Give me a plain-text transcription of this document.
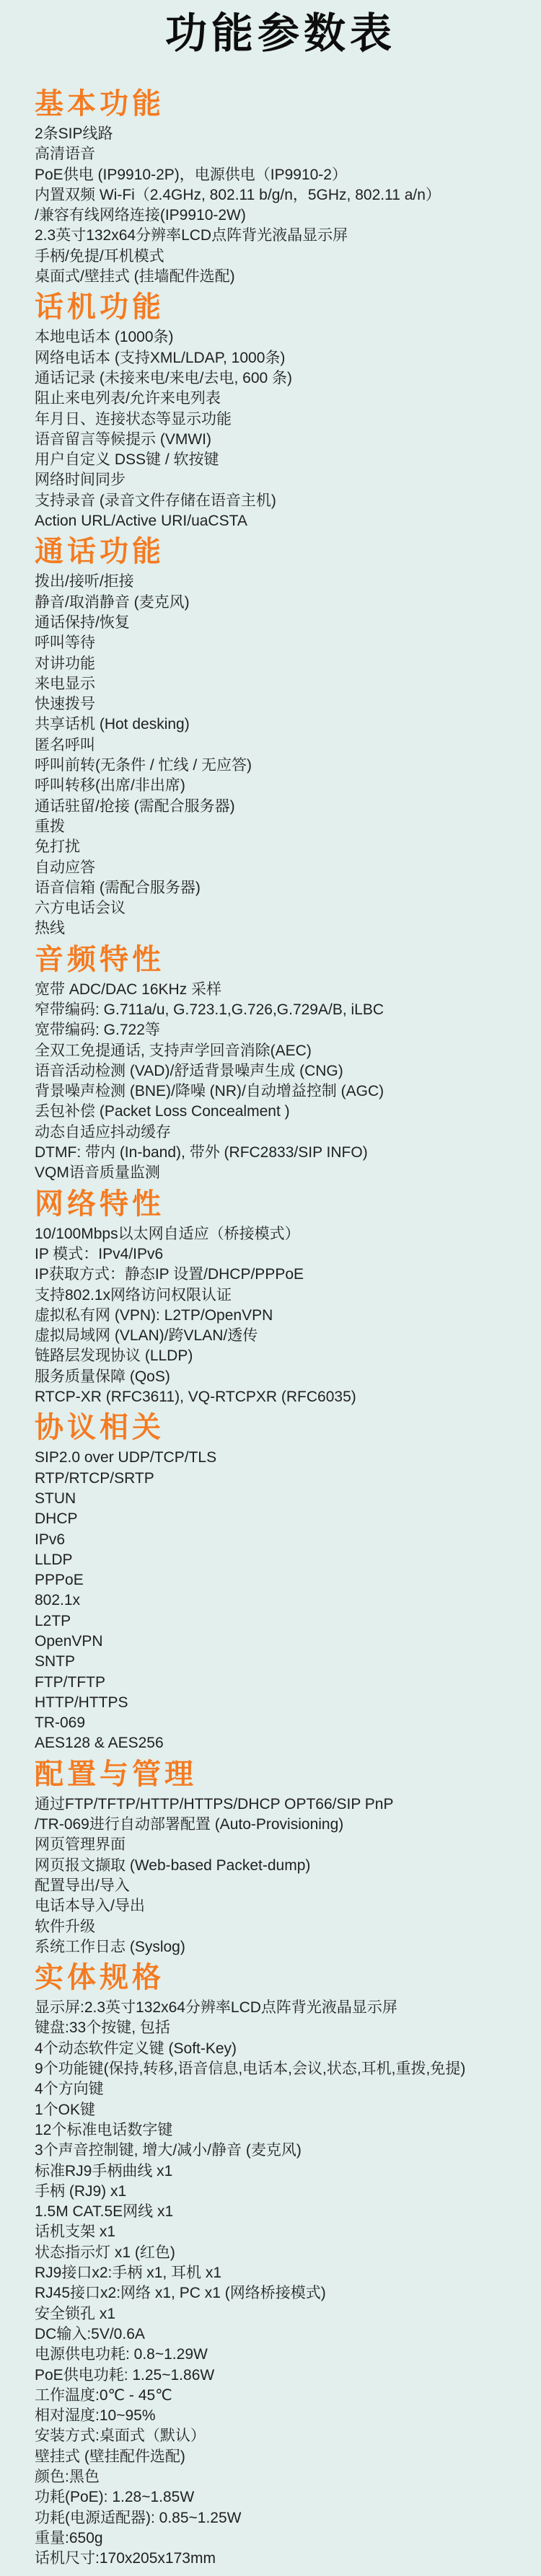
功能参数表
基本功能

2条SIP线路

高清语音

PoE供电 (IP9910-2P)，电源供电（IP9910-2）

内置双频 Wi-Fi（2.4GHz, 802.11 b/g/n，5GHz, 802.11 a/n）

/兼容有线网络连接(IP9910-2W)

2.3英寸132x64分辨率LCD点阵背光液晶显示屏

手柄/免提/耳机模式

桌面式/壁挂式 (挂墙配件选配)

话机功能

本地电话本 (1000条)

网络电话本 (支持XML/LDAP, 1000条)

通话记录 (未接来电/来电/去电, 600 条)

阻止来电列表/允许来电列表

年月日、连接状态等显示功能

语音留言等候提示 (VMWI)

用户自定义 DSS键 / 软按键

网络时间同步

支持录音 (录音文件存储在语音主机)

Action URL/Active URI/uaCSTA

通话功能

拨出/接听/拒接

静音/取消静音 (麦克风)

通话保持/恢复

呼叫等待

对讲功能

来电显示

快速拨号

共享话机 (Hot desking)

匿名呼叫

呼叫前转(无条件 / 忙线 / 无应答)

呼叫转移(出席/非出席)

通话驻留/抢接 (需配合服务器)

重拨

免打扰

自动应答

语音信箱 (需配合服务器)

六方电话会议

热线

音频特性

宽带 ADC/DAC 16KHz 采样

窄带编码: G.711a/u, G.723.1,G.726,G.729A/B, iLBC

宽带编码: G.722等

全双工免提通话, 支持声学回音消除(AEC)

语音活动检测 (VAD)/舒适背景噪声生成 (CNG)

背景噪声检测 (BNE)/降噪 (NR)/自动增益控制 (AGC)

丢包补偿 (Packet Loss Concealment )

动态自适应抖动缓存

DTMF: 带内 (In-band), 带外 (RFC2833/SIP INFO)

VQM语音质量监测

网络特性

10/100Mbps以太网自适应（桥接模式）

IP 模式：IPv4/IPv6

IP获取方式：静态IP 设置/DHCP/PPPoE

支持802.1x网络访问权限认证

虚拟私有网 (VPN): L2TP/OpenVPN

虚拟局域网 (VLAN)/跨VLAN/透传

链路层发现协议 (LLDP)

服务质量保障 (QoS)

RTCP-XR (RFC3611), VQ-RTCPXR (RFC6035)

协议相关

SIP2.0 over UDP/TCP/TLS

RTP/RTCP/SRTP

STUN

DHCP

IPv6

LLDP

PPPoE

802.1x

L2TP

OpenVPN

SNTP

FTP/TFTP

HTTP/HTTPS

TR-069

AES128 & AES256

配置与管理

通过FTP/TFTP/HTTP/HTTPS/DHCP OPT66/SIP PnP

/TR-069进行自动部署配置 (Auto-Provisioning)

网页管理界面

网页报文撷取 (Web-based Packet-dump)

配置导出/导入

电话本导入/导出

软件升级

系统工作日志 (Syslog)

实体规格

显示屏:2.3英寸132x64分辨率LCD点阵背光液晶显示屏

键盘:33个按键, 包括

4个动态软件定义键 (Soft-Key)

9个功能键(保持,转移,语音信息,电话本,会议,状态,耳机,重拨,免提)

4个方向键

1个OK键

12个标准电话数字键

3个声音控制键, 增大/减小/静音 (麦克风)

标准RJ9手柄曲线 x1

手柄 (RJ9) x1

1.5M CAT.5E网线 x1

话机支架 x1

状态指示灯 x1 (红色)

RJ9接口x2:手柄 x1, 耳机 x1

RJ45接口x2:网络 x1, PC x1 (网络桥接模式)

安全锁孔 x1

DC输入:5V/0.6A

电源供电功耗: 0.8~1.29W

PoE供电功耗: 1.25~1.86W

工作温度:0℃ - 45℃

相对湿度:10~95%

安装方式:桌面式（默认）

壁挂式 (壁挂配件选配)

颜色:黑色

功耗(PoE): 1.28~1.85W

功耗(电源适配器): 0.85~1.25W

重量:650g

话机尺寸:170x205x173mm
